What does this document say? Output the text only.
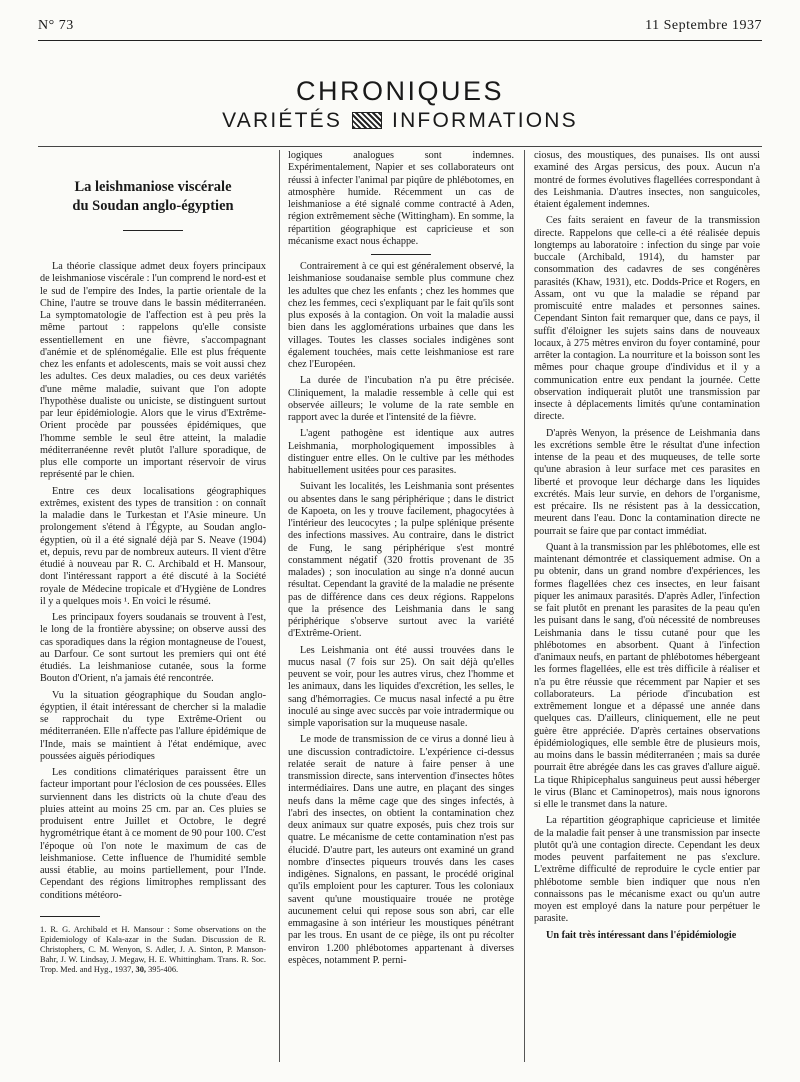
N° 73	11 Septembre 1937
CHRONIQUES
VARIÉTÉS INFORMATIONS
La leishmaniose viscérale
du Soudan anglo-égyptien

La théorie classique admet deux foyers principaux de leishmaniose viscérale : l'un comprend le nord-est et le sud de l'empire des Indes, la partie orientale de la Chine, l'autre se trouve dans le bassin méditerranéen. La symptomatologie de l'affection est à peu près la même partout : rappelons qu'elle consiste essentiellement en une fièvre, s'accompagnant d'anémie et de splénomégalie. Elle est plus fréquente chez les enfants et adolescents, mais se voit aussi chez les adultes. Ces deux maladies, ou ces deux variétés d'une même maladie, suivant que l'on adopte l'hypothèse dualiste ou uniciste, se distinguent surtout par leur épidémiologie. Alors que le virus d'Extrême-Orient procède par poussées épidémiques, que l'homme semble le seul être atteint, la maladie méditerranéenne revêt plutôt l'allure sporadique, de plus elle comporte un important réservoir de virus représenté par le chien.

Entre ces deux localisations géographiques extrêmes, existent des types de transition : on connaît la maladie dans le Turkestan et l'Asie mineure. Un prolongement s'étend à l'Égypte, au Soudan anglo-égyptien, où il a été signalé déjà par S. Neave (1904) et, depuis, revu par de nombreux auteurs. Il vient d'être étudié à nouveau par R. C. Archibald et H. Mansour, dont l'intéressant rapport a été discuté à la Société royale de Médecine tropicale et d'Hygiène de Londres il y a quelques mois ¹. En voici le résumé.

Les principaux foyers soudanais se trouvent à l'est, le long de la frontière abyssine; on observe aussi des cas sporadiques dans la région montagneuse de l'ouest, au Darfour. Ce sont surtout les premiers qui ont été étudiés. La leishmaniose cutanée, sous la forme Bouton d'Orient, n'a jamais été rencontrée.

Vu la situation géographique du Soudan anglo-égyptien, il était intéressant de chercher si la maladie se rapprochait du type Extrême-Orient ou méditerranéen. Elle n'affecte pas l'allure épidémique de l'Inde, mais se maintient à l'état endémique, avec poussées aiguës périodiques

Les conditions climatériques paraissent être un facteur important pour l'éclosion de ces poussées. Elles surviennent dans les districts où la chute d'eau des pluies atteint au moins 25 cm. par an. Ces pluies se produisent entre Juillet et Octobre, le degré hygrométrique étant à ce moment de 90 pour 100. C'est l'époque où l'on note le maximum de cas de leishmaniose. Cette influence de l'humidité semble aussi établie, au moins partiellement, pour l'Inde. Cependant des régions limitrophes remplissant des conditions météoro-

1. R. G. Archibald et H. Mansour : Some observations on the Epidemiology of Kala-azar in the Sudan. Discussion de R. Christophers, C. M. Wenyon, S. Adler, J. A. Sinton, P. Manson-Bahr, J. W. Lindsay, J. Megaw, H. E. Whittingham. Trans. R. Soc. Trop. Med. and Hyg., 1937, 30, 395-406.

logiques analogues sont indemnes. Expérimentalement, Napier et ses collaborateurs ont réussi à infecter l'animal par piqûre de phlébotomes, en atmosphère humide. Récemment un cas de leishmaniose a été signalé comme contracté à Aden, région extrêmement sèche (Wittingham). En somme, la répartition géographique est capricieuse et son mécanisme exact nous échappe.

Contrairement à ce qui est généralement observé, la leishmaniose soudanaise semble plus commune chez les adultes que chez les enfants ; chez les hommes que chez les femmes, ceci s'expliquant par le fait qu'ils sont plus exposés à la contagion. On voit la maladie aussi bien dans les agglomérations urbaines que dans les villages. Toutes les classes sociales indigènes sont également touchées, mais cette leishmaniose est rare chez l'Européen.

La durée de l'incubation n'a pu être précisée. Cliniquement, la maladie ressemble à celle qui est observée ailleurs; le volume de la rate semble en rapport avec la durée et l'intensité de la fièvre.

L'agent pathogène est identique aux autres Leishmania, morphologiquement impossibles à distinguer entre elles. On le cultive par les méthodes habituellement usitées pour ces parasites.

Suivant les localités, les Leishmania sont présentes ou absentes dans le sang périphérique ; dans le district de Kapoeta, on les y trouve facilement, phagocytées à l'intérieur des leucocytes ; la pulpe splénique présente des infections massives. Au contraire, dans le district de Fung, le sang périphérique s'est montré constamment négatif (320 frottis provenant de 35 malades) ; son inoculation au singe n'a donné aucun résultat. Cependant la gravité de la maladie ne présente pas de différence dans ces deux régions. Rappelons que la présence des Leishmania dans le sang périphérique s'observe surtout avec la variété d'Extrême-Orient.

Les Leishmania ont été aussi trouvées dans le mucus nasal (7 fois sur 25). On sait déjà qu'elles peuvent se voir, pour les autres virus, chez l'homme et les animaux, dans les liquides d'excrétion, les selles, le sang d'hémorragies. Ce mucus nasal infecté a pu être inoculé au singe avec succès par voie intradermique ou simple vaporisation sur la muqueuse nasale.

Le mode de transmission de ce virus a donné lieu à une discussion contradictoire. L'expérience ci-dessus relatée serait de nature à faire penser à une transmission directe, sans intervention d'insectes hôtes intermédiaires. Dans une autre, en plaçant des singes neufs dans la même cage que des singes infectés, à l'abri des insectes, on obtient la contamination chez deux animaux sur quatre exposés, puis chez trois sur quatre. Le mécanisme de cette contamination n'est pas élucidé. D'autre part, les auteurs ont examiné un grand nombre d'insectes piqueurs trouvés dans les cases indigènes. Signalons, en passant, le procédé original qu'ils emploient pour les capturer. Tous les coloniaux savent qu'une moustiquaire trouée ne protège aucunement celui qui repose sous son abri, car elle emmagasine à son intérieur les moustiques pénétrant par les trous. En usant de ce piège, ils ont pu récolter environ 1.200 phlébotomes appartenant à diverses espèces, notamment P. perni-

ciosus, des moustiques, des punaises. Ils ont aussi examiné des Argas persicus, des poux. Aucun n'a montré de formes évolutives flagellées correspondant à des Leishmania. D'autres insectes, non sanguicoles, étaient également indemnes.

Ces faits seraient en faveur de la transmission directe. Rappelons que celle-ci a été réalisée depuis longtemps au laboratoire : infection du singe par voie buccale (Archibald, 1914), du hamster par consommation des cadavres de ses congénères parasités (Khaw, 1931), etc. Dodds-Price et Rogers, en Assam, ont vu que la maladie se répand par promiscuité entre malades et personnes saines. Cependant Sinton fait remarquer que, dans ce pays, il suffit d'éloigner les sujets sains dans de nouveaux locaux, à 275 mètres environ du foyer contaminé, pour arrêter la contagion. La nourriture et la boisson sont les mêmes pour chaque groupe d'individus et il y a communication entre eux pendant la journée. Cette observation indiquerait plutôt une transmission par insecte à déplacements limités qu'une contamination directe.

D'après Wenyon, la présence de Leishmania dans les excrétions semble être le résultat d'une infection intense de la peau et des muqueuses, de telle sorte qu'une abrasion à leur surface met ces parasites en liberté et provoque leur décharge dans les liquides excrétés. Mais leur survie, en dehors de l'organisme, est précaire. Ils ne résistent pas à la dessiccation, meurent dans l'eau. Donc la contamination directe ne pourrait se faire que par contact immédiat.

Quant à la transmission par les phlébotomes, elle est maintenant démontrée et classiquement admise. On a pu obtenir, dans un grand nombre d'expériences, les formes flagellées chez ces insectes, en leur faisant piquer les animaux parasités. D'après Adler, l'infection se fait plutôt en prenant les parasites de la peau qu'en les puisant dans le sang, d'où nécessité de nombreuses Leishmania dans le tissu cutané pour que les phlébotomes en absorbent. Quant à l'infection d'animaux neufs, en partant de phlébotomes hébergeant les formes flagellées, elle est très difficile à réaliser et n'a pu être réussie que récemment par Napier et ses collaborateurs. La période d'incubation est extrêmement longue et a dépassé une année dans quelques cas. D'ailleurs, cliniquement, elle ne peut guère être appréciée. D'après certaines observations épidémiologiques, elle semble être de plusieurs mois, au moins dans le bassin méditerranéen ; mais sa durée pourrait être abrégée dans les cas graves d'allure aiguë. La tique Rhipicephalus sanguineus peut aussi héberger le virus (Blanc et Caminopetros), mais nous ignorons si elle le transmet dans la nature.

La répartition géographique capricieuse et limitée de la maladie fait penser à une transmission par insecte plutôt qu'à une contagion directe. Cependant les deux modes peuvent parfaitement ne pas s'exclure. L'extrême difficulté de reproduire le cycle entier par phlébotome semble bien indiquer que nous n'en connaissons pas le mécanisme exact ou qu'un autre moyen est employé dans la nature pour perpétuer le parasite.

Un fait très intéressant dans l'épidémiologie
